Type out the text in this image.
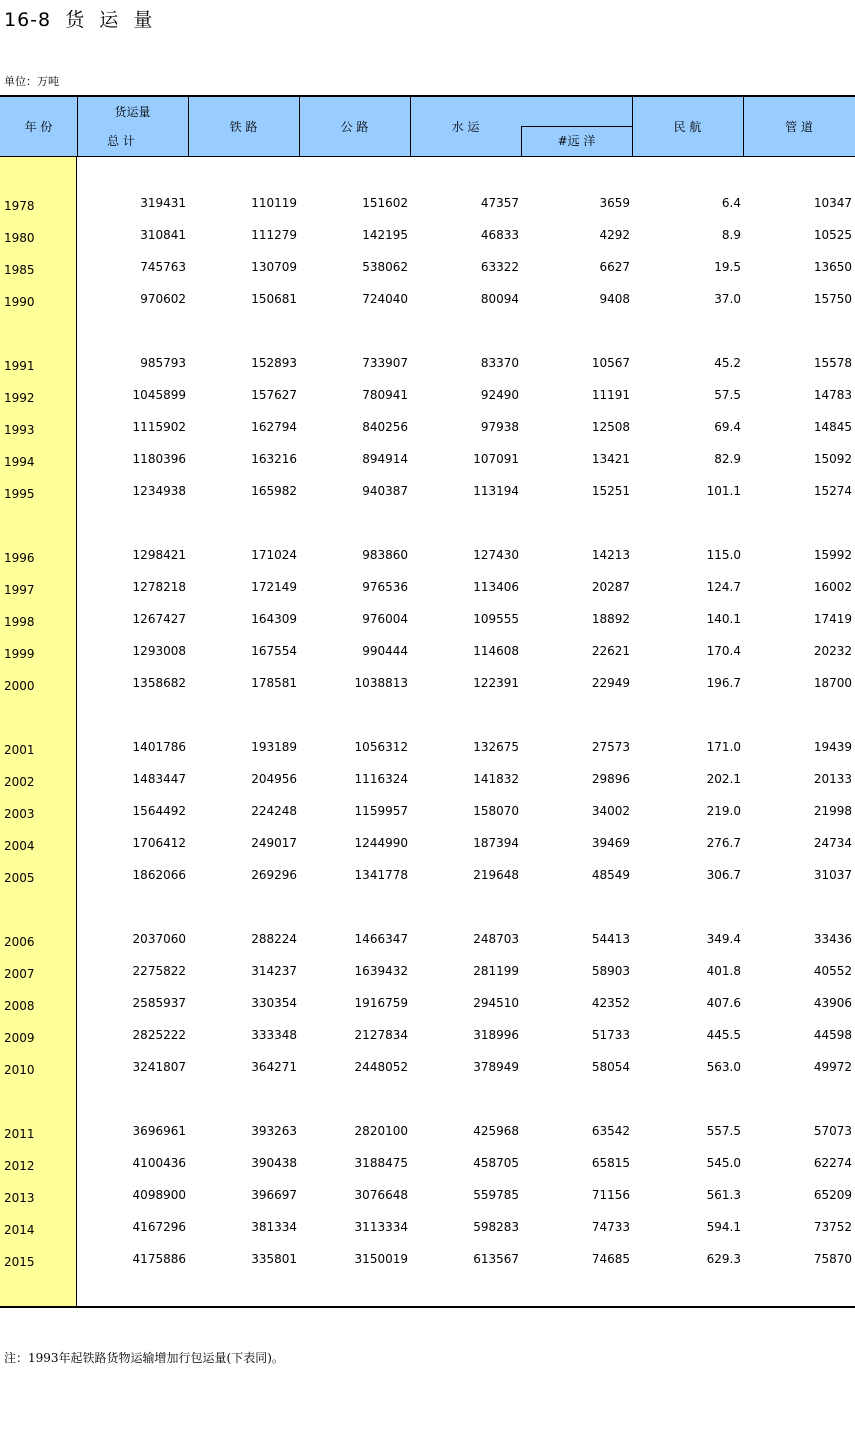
16-8  货  运  量
单位：万吨
年 份
货运量
总 计
铁 路	公 路	水 运
#远 洋
民 航	管 道
1978	319431	110119	151602	47357	3659	6.4	10347
1980	310841	111279	142195	46833	4292	8.9	10525
1985	745763	130709	538062	63322	6627	19.5	13650
1990	970602	150681	724040	80094	9408	37.0	15750
1991	985793	152893	733907	83370	10567	45.2	15578
1992	1045899	157627	780941	92490	11191	57.5	14783
1993	1115902	162794	840256	97938	12508	69.4	14845
1994	1180396	163216	894914	107091	13421	82.9	15092
1995	1234938	165982	940387	113194	15251	101.1	15274
1996	1298421	171024	983860	127430	14213	115.0	15992
1997	1278218	172149	976536	113406	20287	124.7	16002
1998	1267427	164309	976004	109555	18892	140.1	17419
1999	1293008	167554	990444	114608	22621	170.4	20232
2000	1358682	178581	1038813	122391	22949	196.7	18700
2001	1401786	193189	1056312	132675	27573	171.0	19439
2002	1483447	204956	1116324	141832	29896	202.1	20133
2003	1564492	224248	1159957	158070	34002	219.0	21998
2004	1706412	249017	1244990	187394	39469	276.7	24734
2005	1862066	269296	1341778	219648	48549	306.7	31037
2006	2037060	288224	1466347	248703	54413	349.4	33436
2007	2275822	314237	1639432	281199	58903	401.8	40552
2008	2585937	330354	1916759	294510	42352	407.6	43906
2009	2825222	333348	2127834	318996	51733	445.5	44598
2010	3241807	364271	2448052	378949	58054	563.0	49972
2011	3696961	393263	2820100	425968	63542	557.5	57073
2012	4100436	390438	3188475	458705	65815	545.0	62274
2013	4098900	396697	3076648	559785	71156	561.3	65209
2014	4167296	381334	3113334	598283	74733	594.1	73752
2015	4175886	335801	3150019	613567	74685	629.3	75870
注：1993年起铁路货物运输增加行包运量(下表同)。
